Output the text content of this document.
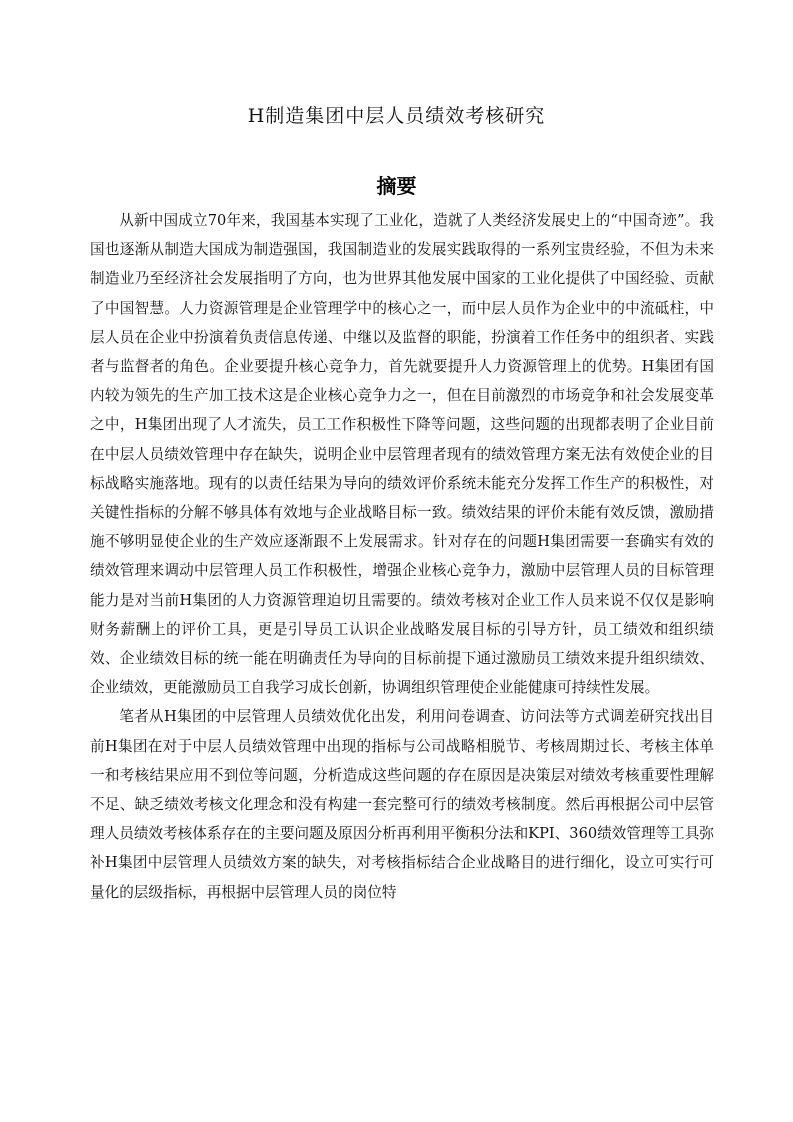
H制造集团中层人员绩效考核研究
摘要

从新中国成立70年来，我国基本实现了工业化，造就了人类经济发展史上的“中国奇迹”。我国也逐渐从制造大国成为制造强国，我国制造业的发展实践取得的一系列宝贵经验，不但为未来制造业乃至经济社会发展指明了方向，也为世界其他发展中国家的工业化提供了中国经验、贡献了中国智慧。人力资源管理是企业管理学中的核心之一，而中层人员作为企业中的中流砥柱，中层人员在企业中扮演着负责信息传递、中继以及监督的职能，扮演着工作任务中的组织者、实践者与监督者的角色。企业要提升核心竞争力，首先就要提升人力资源管理上的优势。H集团有国内较为领先的生产加工技术这是企业核心竞争力之一，但在目前激烈的市场竞争和社会发展变革之中，H集团出现了人才流失，员工工作积极性下降等问题，这些问题的出现都表明了企业目前在中层人员绩效管理中存在缺失，说明企业中层管理者现有的绩效管理方案无法有效使企业的目标战略实施落地。现有的以责任结果为导向的绩效评价系统未能充分发挥工作生产的积极性，对关键性指标的分解不够具体有效地与企业战略目标一致。绩效结果的评价未能有效反馈，激励措施不够明显使企业的生产效应逐渐跟不上发展需求。针对存在的问题H集团需要一套确实有效的绩效管理来调动中层管理人员工作积极性，增强企业核心竞争力，激励中层管理人员的目标管理能力是对当前H集团的人力资源管理迫切且需要的。绩效考核对企业工作人员来说不仅仅是影响财务薪酬上的评价工具，更是引导员工认识企业战略发展目标的引导方针，员工绩效和组织绩效、企业绩效目标的统一能在明确责任为导向的目标前提下通过激励员工绩效来提升组织绩效、企业绩效，更能激励员工自我学习成长创新，协调组织管理使企业能健康可持续性发展。

笔者从H集团的中层管理人员绩效优化出发，利用问卷调查、访问法等方式调差研究找出目前H集团在对于中层人员绩效管理中出现的指标与公司战略相脱节、考核周期过长、考核主体单一和考核结果应用不到位等问题，分析造成这些问题的存在原因是决策层对绩效考核重要性理解不足、缺乏绩效考核文化理念和没有构建一套完整可行的绩效考核制度。然后再根据公司中层管理人员绩效考核体系存在的主要问题及原因分析再利用平衡积分法和KPI、360绩效管理等工具弥补H集团中层管理人员绩效方案的缺失，对考核指标结合企业战略目的进行细化，设立可实行可量化的层级指标，再根据中层管理人员的岗位特
